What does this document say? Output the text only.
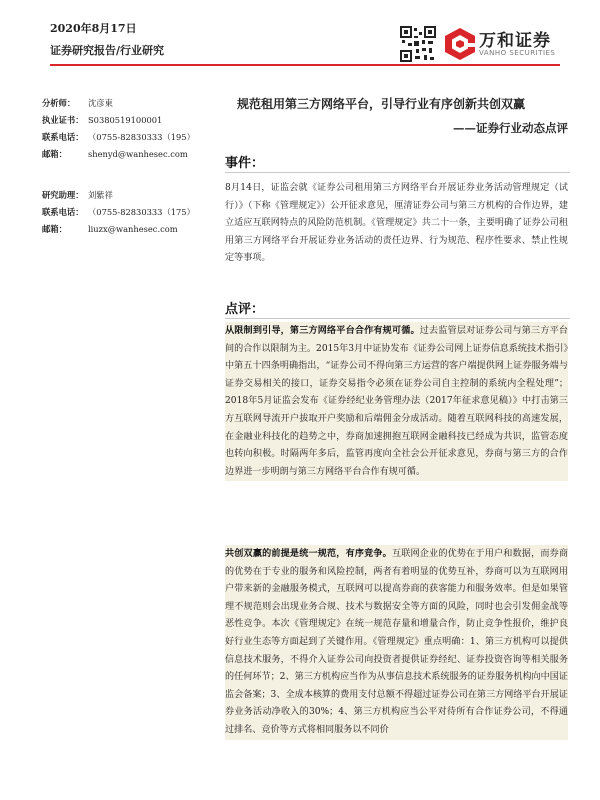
2020年8月17日
证券研究报告/行业研究	万和证券
VANHO SECURITIES
分析师： 沈彦東
执业证书： S0380519100001
联系电话： （0755-82830333（195）
邮箱：	shenyd@wanhesec.com
研究助理： 刘紫祥
联系电话： （0755-82830333（175）
邮箱：	liuzx@wanhesec.com
规范租用第三方网络平台，引导行业有序创新共创双赢
——证券行业动态点评
事件：
8月14日，证监会就《证券公司租用第三方网络平台开展证券业务活动管理规定（试行）》（下称《管理规定》）公开征求意见，厘清证券公司与第三方机构的合作边界，建立适应互联网特点的风险防范机制。《管理规定》共二十一条，主要明确了证券公司租用第三方网络平台开展证券业务活动的责任边界、行为规范、程序性要求、禁止性规定等事项。
点评：
从限制到引导，第三方网络平台合作有规可循。过去监管层对证券公司与第三方平台间的合作以限制为主。2015年3月中证协发布《证券公司网上证券信息系统技术指引》中第五十四条明确指出，“证券公司不得向第三方运营的客户端提供网上证券服务端与证券交易相关的接口，证券交易指令必须在证券公司自主控制的系统内全程处理”；2018年5月证监会发布《证券经纪业务管理办法（2017年征求意见稿）》中打击第三方互联网导流开户拔取开户奖励和后端佣金分成活动。随着互联网科技的高速发展，在金融业科技化的趋势之中，券商加速拥抱互联网金融科技已经成为共识，监管态度也转向积极。时隔两年多后，监管再度向全社会公开征求意见，券商与第三方的合作边界进一步明朗与第三方网络平台合作有规可循。
共创双赢的前提是统一规范，有序竞争。互联网企业的优势在于用户和数据，而券商的优势在于专业的服务和风险控制，两者有着明显的优势互补，券商可以为互联网用户带来新的金融服务模式，互联网可以提高券商的获客能力和服务效率。但是如果管理不规范则会出现业务合规、技术与数据安全等方面的风险，同时也会引发佣金战等恶性竞争。本次《管理规定》在统一规范存量和增量合作，防止竞争性报价，维护良好行业生态等方面起到了关键作用。《管理规定》重点明确：1、第三方机构可以提供信息技术服务，不得介入证券公司向投资者提供证券经纪、证券投资咨询等相关服务的任何环节；2、第三方机构应当作为从事信息技术系统服务的证券服务机构向中国证监会备案；3、全成本核算的费用支付总额不得超过证券公司在第三方网络平台开展证券业务活动净收入的30%；4、第三方机构应当公平对待所有合作证券公司，不得通过排名、竞价等方式将相同服务以不同价
